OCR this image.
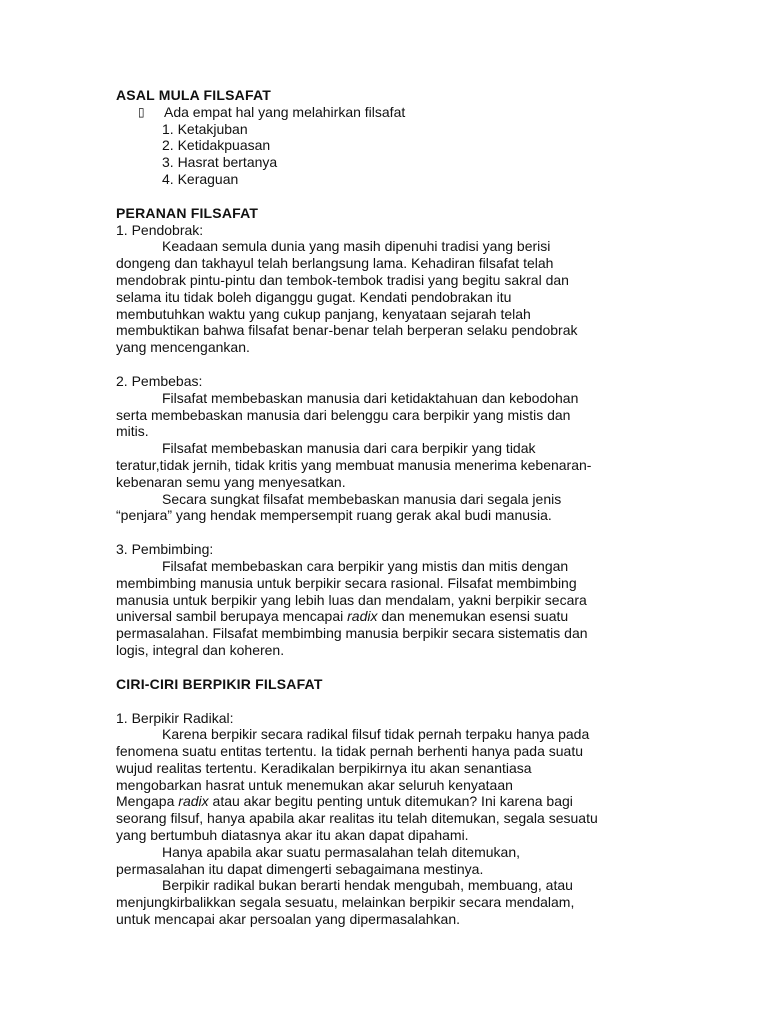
ASAL MULA FILSAFAT
▯ Ada empat hal yang melahirkan filsafat
1. Ketakjuban
2. Ketidakpuasan
3. Hasrat bertanya
4. Keraguan
PERANAN FILSAFAT
1. Pendobrak:
Keadaan semula dunia yang masih dipenuhi tradisi yang berisi
dongeng dan takhayul telah berlangsung lama. Kehadiran filsafat telah
mendobrak pintu-pintu dan tembok-tembok tradisi yang begitu sakral dan
selama itu tidak boleh diganggu gugat. Kendati pendobrakan itu
membutuhkan waktu yang cukup panjang, kenyataan sejarah telah
membuktikan bahwa filsafat benar-benar telah berperan selaku pendobrak
yang mencengankan.
2. Pembebas:
Filsafat membebaskan manusia dari ketidaktahuan dan kebodohan
serta membebaskan manusia dari belenggu cara berpikir yang mistis dan
mitis.
Filsafat membebaskan manusia dari cara berpikir yang tidak
teratur,tidak jernih, tidak kritis yang membuat manusia menerima kebenaran-
kebenaran semu yang menyesatkan.
Secara sungkat filsafat membebaskan manusia dari segala jenis
“penjara” yang hendak mempersempit ruang gerak akal budi manusia.
3. Pembimbing:
Filsafat membebaskan cara berpikir yang mistis dan mitis dengan
membimbing manusia untuk berpikir secara rasional. Filsafat membimbing
manusia untuk berpikir yang lebih luas dan mendalam, yakni berpikir secara
universal sambil berupaya mencapai radix dan menemukan esensi suatu
permasalahan. Filsafat membimbing manusia berpikir secara sistematis dan
logis, integral dan koheren.
CIRI-CIRI BERPIKIR FILSAFAT
1. Berpikir Radikal:
Karena berpikir secara radikal filsuf tidak pernah terpaku hanya pada
fenomena suatu entitas tertentu. Ia tidak pernah berhenti hanya pada suatu
wujud realitas tertentu. Keradikalan berpikirnya itu akan senantiasa
mengobarkan hasrat untuk menemukan akar seluruh kenyataan
Mengapa radix atau akar begitu penting untuk ditemukan? Ini karena bagi
seorang filsuf, hanya apabila akar realitas itu telah ditemukan, segala sesuatu
yang bertumbuh diatasnya akar itu akan dapat dipahami.
Hanya apabila akar suatu permasalahan telah ditemukan,
permasalahan itu dapat dimengerti sebagaimana mestinya.
Berpikir radikal bukan berarti hendak mengubah, membuang, atau
menjungkirbalikkan segala sesuatu, melainkan berpikir secara mendalam,
untuk mencapai akar persoalan yang dipermasalahkan.
